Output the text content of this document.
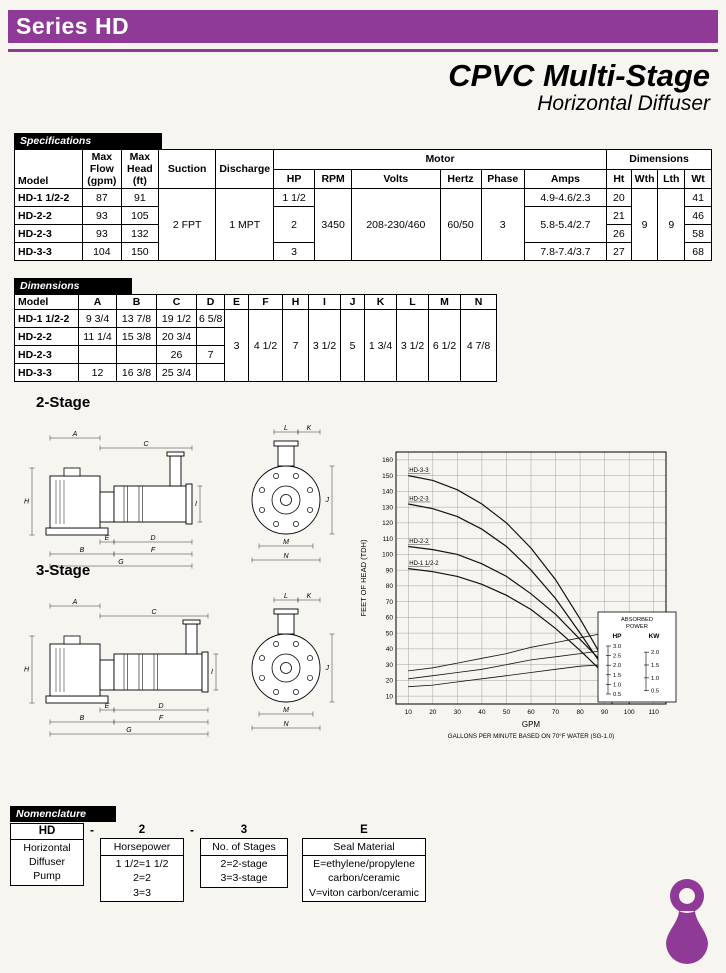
Series HD
CPVC Multi-Stage
Horizontal Diffuser
Specifications
Model	Max
Flow
(gpm)	Max
Head
(ft)	Suction	Discharge	Motor						Dimensions			
					HP	RPM	Volts	Hertz	Phase	Amps	Ht	Wth	Lth	Wt
HD-1 1/2-2	87	91	2 FPT	1 MPT	1 1/2	3450	208-230/460	60/50	3	4.9-4.6/2.3	20	9	9	41
HD-2-2	93	105			2					5.8-5.4/2.7	21			46
HD-2-3	93	132									26			58
HD-3-3	104	150			3					7.8-7.4/3.7	27			68
Dimensions
Model	A	B	C	D	E	F	H	I	J	K	L	M	N
HD-1 1/2-2	9 3/4	13 7/8	19 1/2	6 5/8	3	4 1/2	7	3 1/2	5	1 3/4	3 1/2	6 1/2	4 7/8
HD-2-2	11 1/4	15 3/8	20 3/4										
HD-2-3			26	7									
HD-3-3	12	16 3/8	25 3/4										
2-Stage
H
A
C
E	D
B	F
G
I
L	K
J
M
N
3-Stage
H
A
C
E	D
B	F
G
I
L	K
J
M
N
10	20	30	40	50	60	70	80	90 100 110
10
20
30
40
50
60
70
80
90
100
110
120
130
140
150
160
FEET OF HEAD (TDH)
GPM
GALLONS PER MINUTE BASED ON 70°F WATER (SG-1.0)
HD-3-3
HD-2-3
HD-2-2
HD-1 1/2-2
ABSORBED
POWER
HP	KW
3.0
2.5
2.0
1.5
1.0
0.5
2.0
1.5
1.0
0.5
Nomenclature
HD
Horizontal
Diffuser
Pump
-	2
Horsepower
1 1/2=1 1/2
2=2
3=3
-	3
No. of Stages
2=2-stage
3=3-stage
E
Seal Material
E=ethylene/propylene
carbon/ceramic
V=viton carbon/ceramic
